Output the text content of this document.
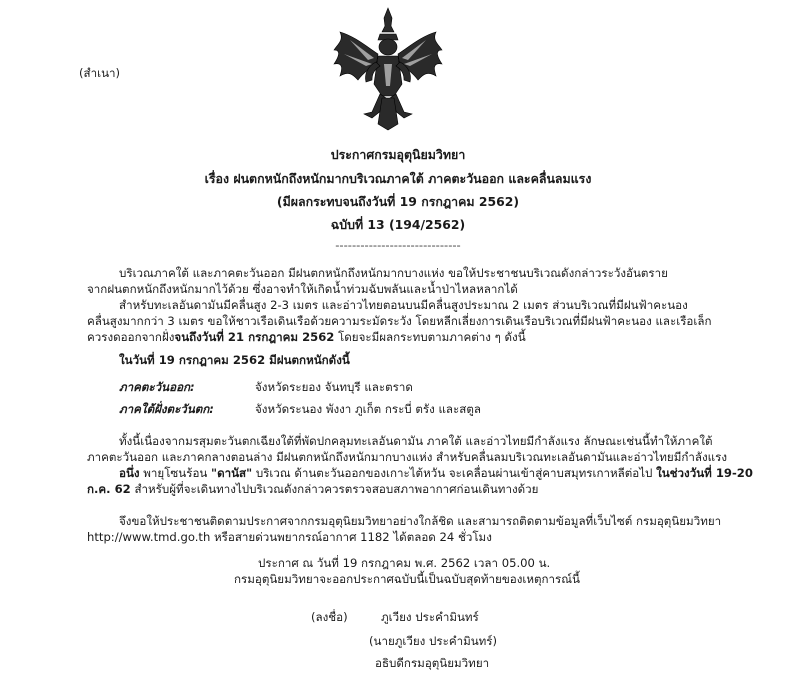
(สำเนา)
ประกาศกรมอุตุนิยมวิทยา
เรื่อง ฝนตกหนักถึงหนักมากบริเวณภาคใต้ ภาคตะวันออก และคลื่นลมแรง
(มีผลกระทบจนถึงวันที่ 19 กรกฎาคม 2562)
ฉบับที่ 13 (194/2562)
------------------------------
บริเวณภาคใต้ และภาคตะวันออก มีฝนตกหนักถึงหนักมากบางแห่ง ขอให้ประชาชนบริเวณดังกล่าวระวังอันตราย
จากฝนตกหนักถึงหนักมากไว้ด้วย ซึ่งอาจทำให้เกิดน้ำท่วมฉับพลันและน้ำป่าไหลหลากได้
สำหรับทะเลอันดามันมีคลื่นสูง 2-3 เมตร และอ่าวไทยตอนบนมีคลื่นสูงประมาณ 2 เมตร ส่วนบริเวณที่มีฝนฟ้าคะนอง
คลื่นสูงมากกว่า 3 เมตร ขอให้ชาวเรือเดินเรือด้วยความระมัดระวัง โดยหลีกเลี่ยงการเดินเรือบริเวณที่มีฝนฟ้าคะนอง และเรือเล็ก
ควรงดออกจากฝั่งจนถึงวันที่ 21 กรกฎาคม 2562 โดยจะมีผลกระทบตามภาคต่าง ๆ ดังนี้
ในวันที่ 19 กรกฎาคม 2562 มีฝนตกหนักดังนี้
ภาคตะวันออก:	จังหวัดระยอง จันทบุรี และตราด
ภาคใต้ฝั่งตะวันตก:	จังหวัดระนอง พังงา ภูเก็ต กระบี่ ตรัง และสตูล
ทั้งนี้เนื่องจากมรสุมตะวันตกเฉียงใต้ที่พัดปกคลุมทะเลอันดามัน ภาคใต้ และอ่าวไทยมีกำลังแรง ลักษณะเช่นนี้ทำให้ภาคใต้
ภาคตะวันออก และภาคกลางตอนล่าง มีฝนตกหนักถึงหนักมากบางแห่ง สำหรับคลื่นลมบริเวณทะเลอันดามันและอ่าวไทยมีกำลังแรง
อนึ่ง พายุโซนร้อน "ดานัส" บริเวณ ด้านตะวันออกของเกาะไต้หวัน จะเคลื่อนผ่านเข้าสู่คาบสมุทรเกาหลีต่อไป ในช่วงวันที่ 19-20
ก.ค. 62 สำหรับผู้ที่จะเดินทางไปบริเวณดังกล่าวควรตรวจสอบสภาพอากาศก่อนเดินทางด้วย
จึงขอให้ประชาชนติดตามประกาศจากกรมอุตุนิยมวิทยาอย่างใกล้ชิด และสามารถติดตามข้อมูลที่เว็บไซต์ กรมอุตุนิยมวิทยา
http://www.tmd.go.th หรือสายด่วนพยากรณ์อากาศ 1182 ได้ตลอด 24 ชั่วโมง
ประกาศ ณ วันที่ 19 กรกฎาคม พ.ศ. 2562 เวลา 05.00 น.
กรมอุตุนิยมวิทยาจะออกประกาศฉบับนี้เป็นฉบับสุดท้ายของเหตุการณ์นี้
(ลงชื่อ)	ภูเวียง ประคำมินทร์
(นายภูเวียง ประคำมินทร์)
อธิบดีกรมอุตุนิยมวิทยา
